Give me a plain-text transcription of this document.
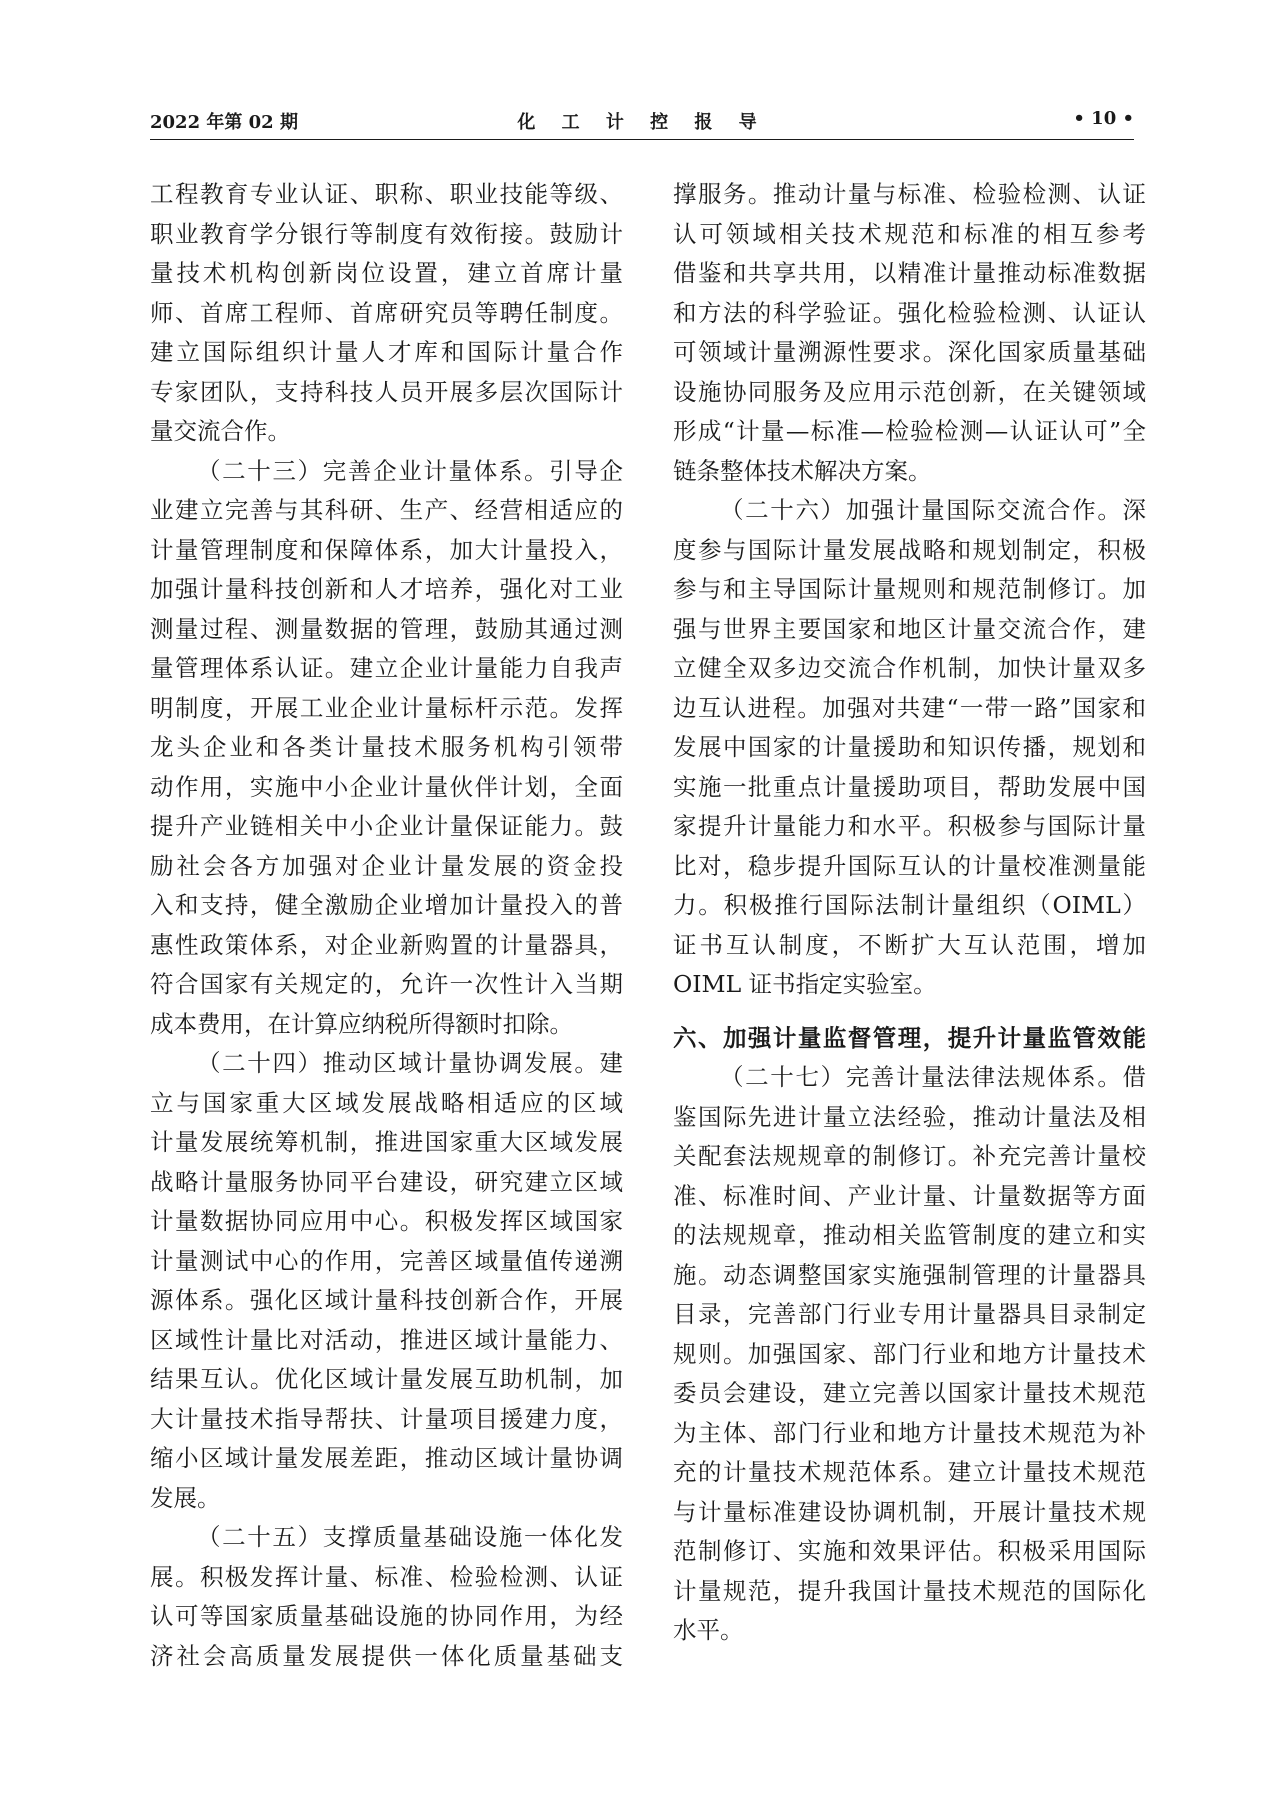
2022 年第 02 期	化 工 计 控 报 导	• 10 •
工程教育专业认证、职称、职业技能等级、
职业教育学分银行等制度有效衔接。鼓励计
量技术机构创新岗位设置，建立首席计量
师、首席工程师、首席研究员等聘任制度。
建立国际组织计量人才库和国际计量合作
专家团队，支持科技人员开展多层次国际计
量交流合作。
（二十三）完善企业计量体系。引导企
业建立完善与其科研、生产、经营相适应的
计量管理制度和保障体系，加大计量投入，
加强计量科技创新和人才培养，强化对工业
测量过程、测量数据的管理，鼓励其通过测
量管理体系认证。建立企业计量能力自我声
明制度，开展工业企业计量标杆示范。发挥
龙头企业和各类计量技术服务机构引领带
动作用，实施中小企业计量伙伴计划，全面
提升产业链相关中小企业计量保证能力。鼓
励社会各方加强对企业计量发展的资金投
入和支持，健全激励企业增加计量投入的普
惠性政策体系，对企业新购置的计量器具，
符合国家有关规定的，允许一次性计入当期
成本费用，在计算应纳税所得额时扣除。
（二十四）推动区域计量协调发展。建
立与国家重大区域发展战略相适应的区域
计量发展统筹机制，推进国家重大区域发展
战略计量服务协同平台建设，研究建立区域
计量数据协同应用中心。积极发挥区域国家
计量测试中心的作用，完善区域量值传递溯
源体系。强化区域计量科技创新合作，开展
区域性计量比对活动，推进区域计量能力、
结果互认。优化区域计量发展互助机制，加
大计量技术指导帮扶、计量项目援建力度，
缩小区域计量发展差距，推动区域计量协调
发展。
（二十五）支撑质量基础设施一体化发
展。积极发挥计量、标准、检验检测、认证
认可等国家质量基础设施的协同作用，为经
济社会高质量发展提供一体化质量基础支
撑服务。推动计量与标准、检验检测、认证
认可领域相关技术规范和标准的相互参考
借鉴和共享共用，以精准计量推动标准数据
和方法的科学验证。强化检验检测、认证认
可领域计量溯源性要求。深化国家质量基础
设施协同服务及应用示范创新，在关键领域
形成“计量—标准—检验检测—认证认可”全
链条整体技术解决方案。
（二十六）加强计量国际交流合作。深
度参与国际计量发展战略和规划制定，积极
参与和主导国际计量规则和规范制修订。加
强与世界主要国家和地区计量交流合作，建
立健全双多边交流合作机制，加快计量双多
边互认进程。加强对共建“一带一路”国家和
发展中国家的计量援助和知识传播，规划和
实施一批重点计量援助项目，帮助发展中国
家提升计量能力和水平。积极参与国际计量
比对，稳步提升国际互认的计量校准测量能
力。积极推行国际法制计量组织（OIML）
证书互认制度，不断扩大互认范围，增加
OIML 证书指定实验室。
六、加强计量监督管理，提升计量监管效能
（二十七）完善计量法律法规体系。借
鉴国际先进计量立法经验，推动计量法及相
关配套法规规章的制修订。补充完善计量校
准、标准时间、产业计量、计量数据等方面
的法规规章，推动相关监管制度的建立和实
施。动态调整国家实施强制管理的计量器具
目录，完善部门行业专用计量器具目录制定
规则。加强国家、部门行业和地方计量技术
委员会建设，建立完善以国家计量技术规范
为主体、部门行业和地方计量技术规范为补
充的计量技术规范体系。建立计量技术规范
与计量标准建设协调机制，开展计量技术规
范制修订、实施和效果评估。积极采用国际
计量规范，提升我国计量技术规范的国际化
水平。
